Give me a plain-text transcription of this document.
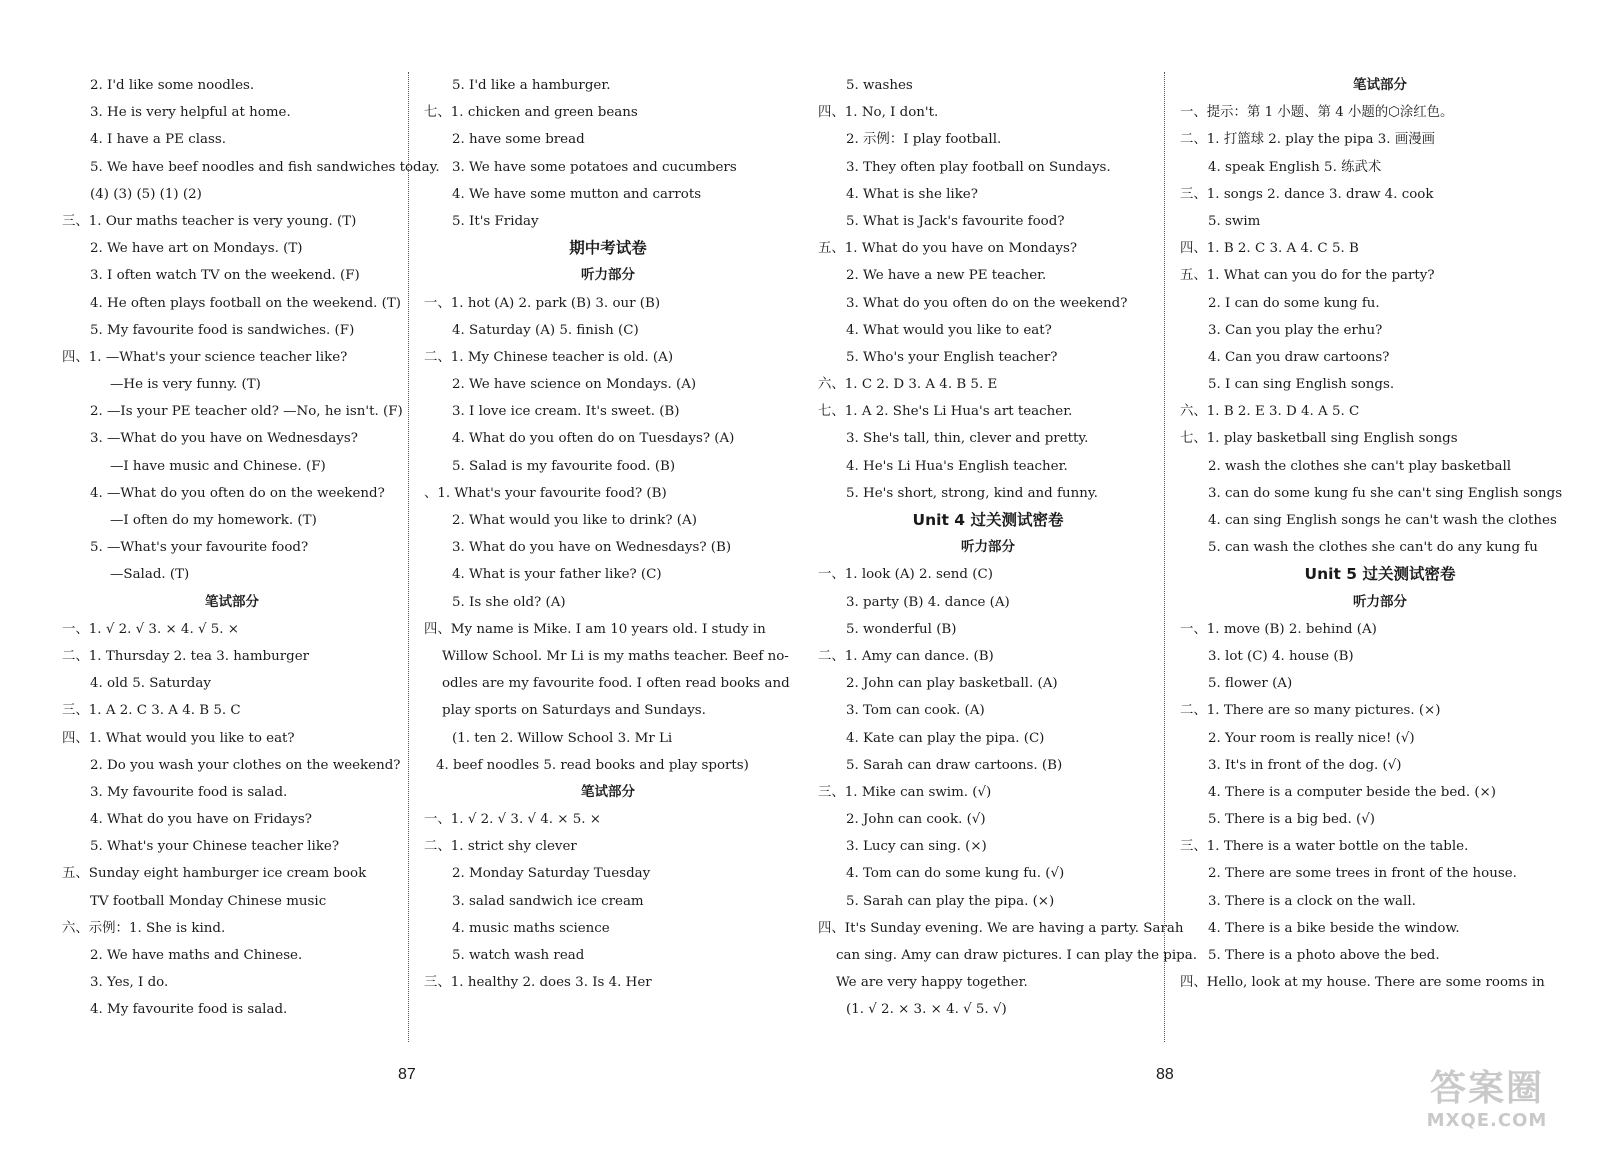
2. I'd like some noodles.
3. He is very helpful at home.
4. I have a PE class.
5. We have beef noodles and fish sandwiches today.
(4) (3) (5) (1) (2)
三、1. Our maths teacher is very young. (T)
2. We have art on Mondays. (T)
3. I often watch TV on the weekend. (F)
4. He often plays football on the weekend. (T)
5. My favourite food is sandwiches. (F)
四、1. —What's your science teacher like?
—He is very funny. (T)
2. —Is your PE teacher old? —No, he isn't. (F)
3. —What do you have on Wednesdays?
—I have music and Chinese. (F)
4. —What do you often do on the weekend?
—I often do my homework. (T)
5. —What's your favourite food?
—Salad. (T)
笔试部分
一、1. √ 2. √ 3. × 4. √ 5. ×
二、1. Thursday 2. tea 3. hamburger
4. old 5. Saturday
三、1. A 2. C 3. A 4. B 5. C
四、1. What would you like to eat?
2. Do you wash your clothes on the weekend?
3. My favourite food is salad.
4. What do you have on Fridays?
5. What's your Chinese teacher like?
五、Sunday eight hamburger ice cream book
TV football Monday Chinese music
六、示例：1. She is kind.
2. We have maths and Chinese.
3. Yes, I do.
4. My favourite food is salad.
5. I'd like a hamburger.
七、1. chicken and green beans
2. have some bread
3. We have some potatoes and cucumbers
4. We have some mutton and carrots
5. It's Friday
期中考试卷
听力部分
一、1. hot (A) 2. park (B) 3. our (B)
4. Saturday (A) 5. finish (C)
二、1. My Chinese teacher is old. (A)
2. We have science on Mondays. (A)
3. I love ice cream. It's sweet. (B)
4. What do you often do on Tuesdays? (A)
5. Salad is my favourite food. (B)
、1. What's your favourite food? (B)
2. What would you like to drink? (A)
3. What do you have on Wednesdays? (B)
4. What is your father like? (C)
5. Is she old? (A)
四、My name is Mike. I am 10 years old. I study in
Willow School. Mr Li is my maths teacher. Beef no-
odles are my favourite food. I often read books and
play sports on Saturdays and Sundays.
(1. ten 2. Willow School 3. Mr Li
4. beef noodles 5. read books and play sports)
笔试部分
一、1. √ 2. √ 3. √ 4. × 5. ×
二、1. strict shy clever
2. Monday Saturday Tuesday
3. salad sandwich ice cream
4. music maths science
5. watch wash read
三、1. healthy 2. does 3. Is 4. Her
5. washes
四、1. No, I don't.
2. 示例：I play football.
3. They often play football on Sundays.
4. What is she like?
5. What is Jack's favourite food?
五、1. What do you have on Mondays?
2. We have a new PE teacher.
3. What do you often do on the weekend?
4. What would you like to eat?
5. Who's your English teacher?
六、1. C 2. D 3. A 4. B 5. E
七、1. A 2. She's Li Hua's art teacher.
3. She's tall, thin, clever and pretty.
4. He's Li Hua's English teacher.
5. He's short, strong, kind and funny.
Unit 4 过关测试密卷
听力部分
一、1. look (A) 2. send (C)
3. party (B) 4. dance (A)
5. wonderful (B)
二、1. Amy can dance. (B)
2. John can play basketball. (A)
3. Tom can cook. (A)
4. Kate can play the pipa. (C)
5. Sarah can draw cartoons. (B)
三、1. Mike can swim. (√)
2. John can cook. (√)
3. Lucy can sing. (×)
4. Tom can do some kung fu. (√)
5. Sarah can play the pipa. (×)
四、It's Sunday evening. We are having a party. Sarah
can sing. Amy can draw pictures. I can play the pipa.
We are very happy together.
(1. √ 2. × 3. × 4. √ 5. √)
笔试部分
一、提示：第 1 小题、第 4 小题的⬡涂红色。
二、1. 打篮球 2. play the pipa 3. 画漫画
4. speak English 5. 练武术
三、1. songs 2. dance 3. draw 4. cook
5. swim
四、1. B 2. C 3. A 4. C 5. B
五、1. What can you do for the party?
2. I can do some kung fu.
3. Can you play the erhu?
4. Can you draw cartoons?
5. I can sing English songs.
六、1. B 2. E 3. D 4. A 5. C
七、1. play basketball sing English songs
2. wash the clothes she can't play basketball
3. can do some kung fu she can't sing English songs
4. can sing English songs he can't wash the clothes
5. can wash the clothes she can't do any kung fu
Unit 5 过关测试密卷
听力部分
一、1. move (B) 2. behind (A)
3. lot (C) 4. house (B)
5. flower (A)
二、1. There are so many pictures. (×)
2. Your room is really nice! (√)
3. It's in front of the dog. (√)
4. There is a computer beside the bed. (×)
5. There is a big bed. (√)
三、1. There is a water bottle on the table.
2. There are some trees in front of the house.
3. There is a clock on the wall.
4. There is a bike beside the window.
5. There is a photo above the bed.
四、Hello, look at my house. There are some rooms in
87	88	答案圈
MXQE.COM
